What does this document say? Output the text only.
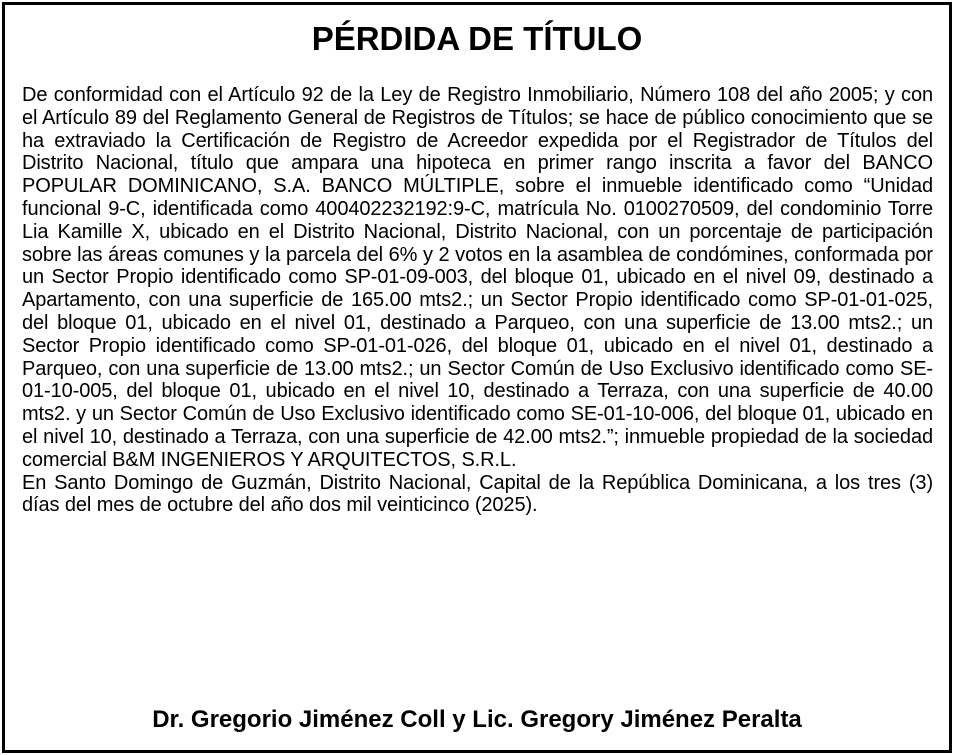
PÉRDIDA DE TÍTULO

De conformidad con el Artículo 92 de la Ley de Registro Inmobiliario, Número 108 del año 2005; y con el Artículo 89 del Reglamento General de Registros de Títulos; se hace de público conocimiento que se ha extraviado la Certificación de Registro de Acreedor expedida por el Registrador de Títulos del Distrito Nacional, título que ampara una hipoteca en primer rango inscrita a favor del BANCO POPULAR DOMINICANO, S.A. BANCO MÚLTIPLE, sobre el inmueble identificado como “Unidad funcional 9-C, identificada como 400402232192:9-C, matrícula No. 0100270509, del condominio Torre Lia Kamille X, ubicado en el Distrito Nacional, Distrito Nacional, con un porcentaje de participación sobre las áreas comunes y la parcela del 6% y 2 votos en la asamblea de condómines, conformada por un Sector Propio identificado como SP-01-09-003, del bloque 01, ubicado en el nivel 09, destinado a Apartamento, con una superficie de 165.00 mts2.; un Sector Propio identificado como SP-01-01-025, del bloque 01, ubicado en el nivel 01, destinado a Parqueo, con una superficie de 13.00 mts2.; un Sector Propio identificado como SP-01-01-026, del bloque 01, ubicado en el nivel 01, destinado a Parqueo, con una superficie de 13.00 mts2.; un Sector Común de Uso Exclusivo identificado como SE-01-10-005, del bloque 01, ubicado en el nivel 10, destinado a Terraza, con una superficie de 40.00 mts2. y un Sector Común de Uso Exclusivo identificado como SE-01-10-006, del bloque 01, ubicado en el nivel 10, destinado a Terraza, con una superficie de 42.00 mts2.”; inmueble propiedad de la sociedad comercial B&M INGENIEROS Y ARQUITECTOS, S.R.L.

En Santo Domingo de Guzmán, Distrito Nacional, Capital de la República Dominicana, a los tres (3) días del mes de octubre del año dos mil veinticinco (2025).

Dr. Gregorio Jiménez Coll y Lic. Gregory Jiménez Peralta
